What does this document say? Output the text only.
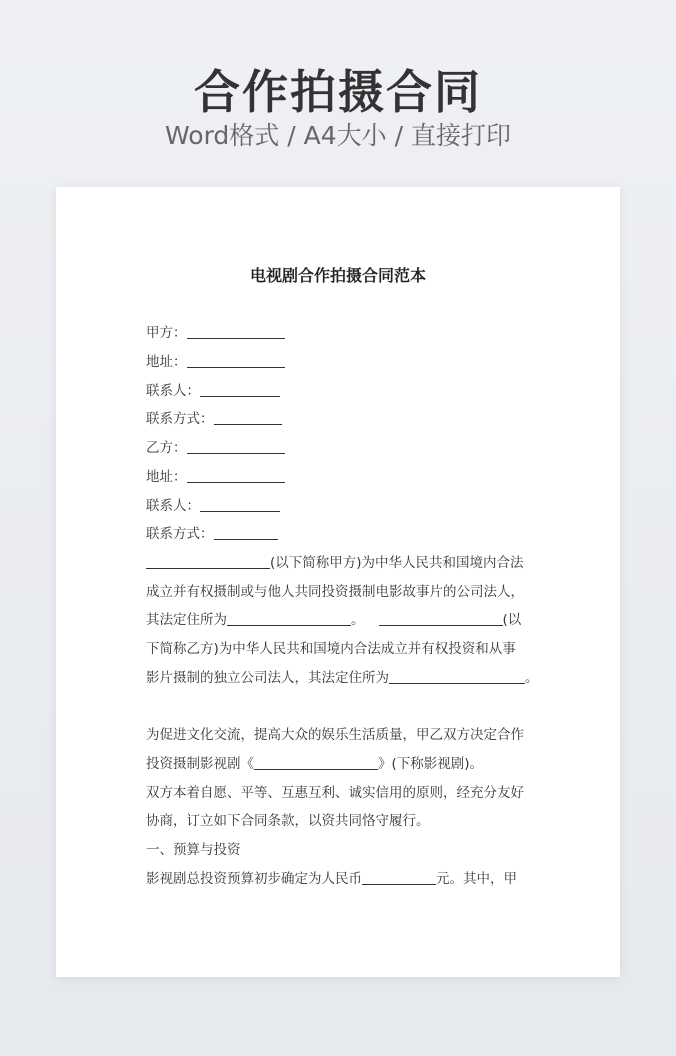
合作拍摄合同
Word格式 / A4大小 / 直接打印
电视剧合作拍摄合同范本
甲方：
地址：
联系人：
联系方式：
乙方：
地址：
联系人：
联系方式：
(以下简称甲方)为中华人民共和国境内合法
成立并有权摄制或与他人共同投资摄制电影故事片的公司法人，
其法定住所为	。	(以
下简称乙方)为中华人民共和国境内合法成立并有权投资和从事
影片摄制的独立公司法人，其法定住所为	。
为促进文化交流，提高大众的娱乐生活质量，甲乙双方决定合作
投资摄制影视剧《	》(下称影视剧)。
双方本着自愿、平等、互惠互利、诚实信用的原则，经充分友好
协商，订立如下合同条款，以资共同恪守履行。
一、预算与投资
影视剧总投资预算初步确定为人民币	元。其中，甲
